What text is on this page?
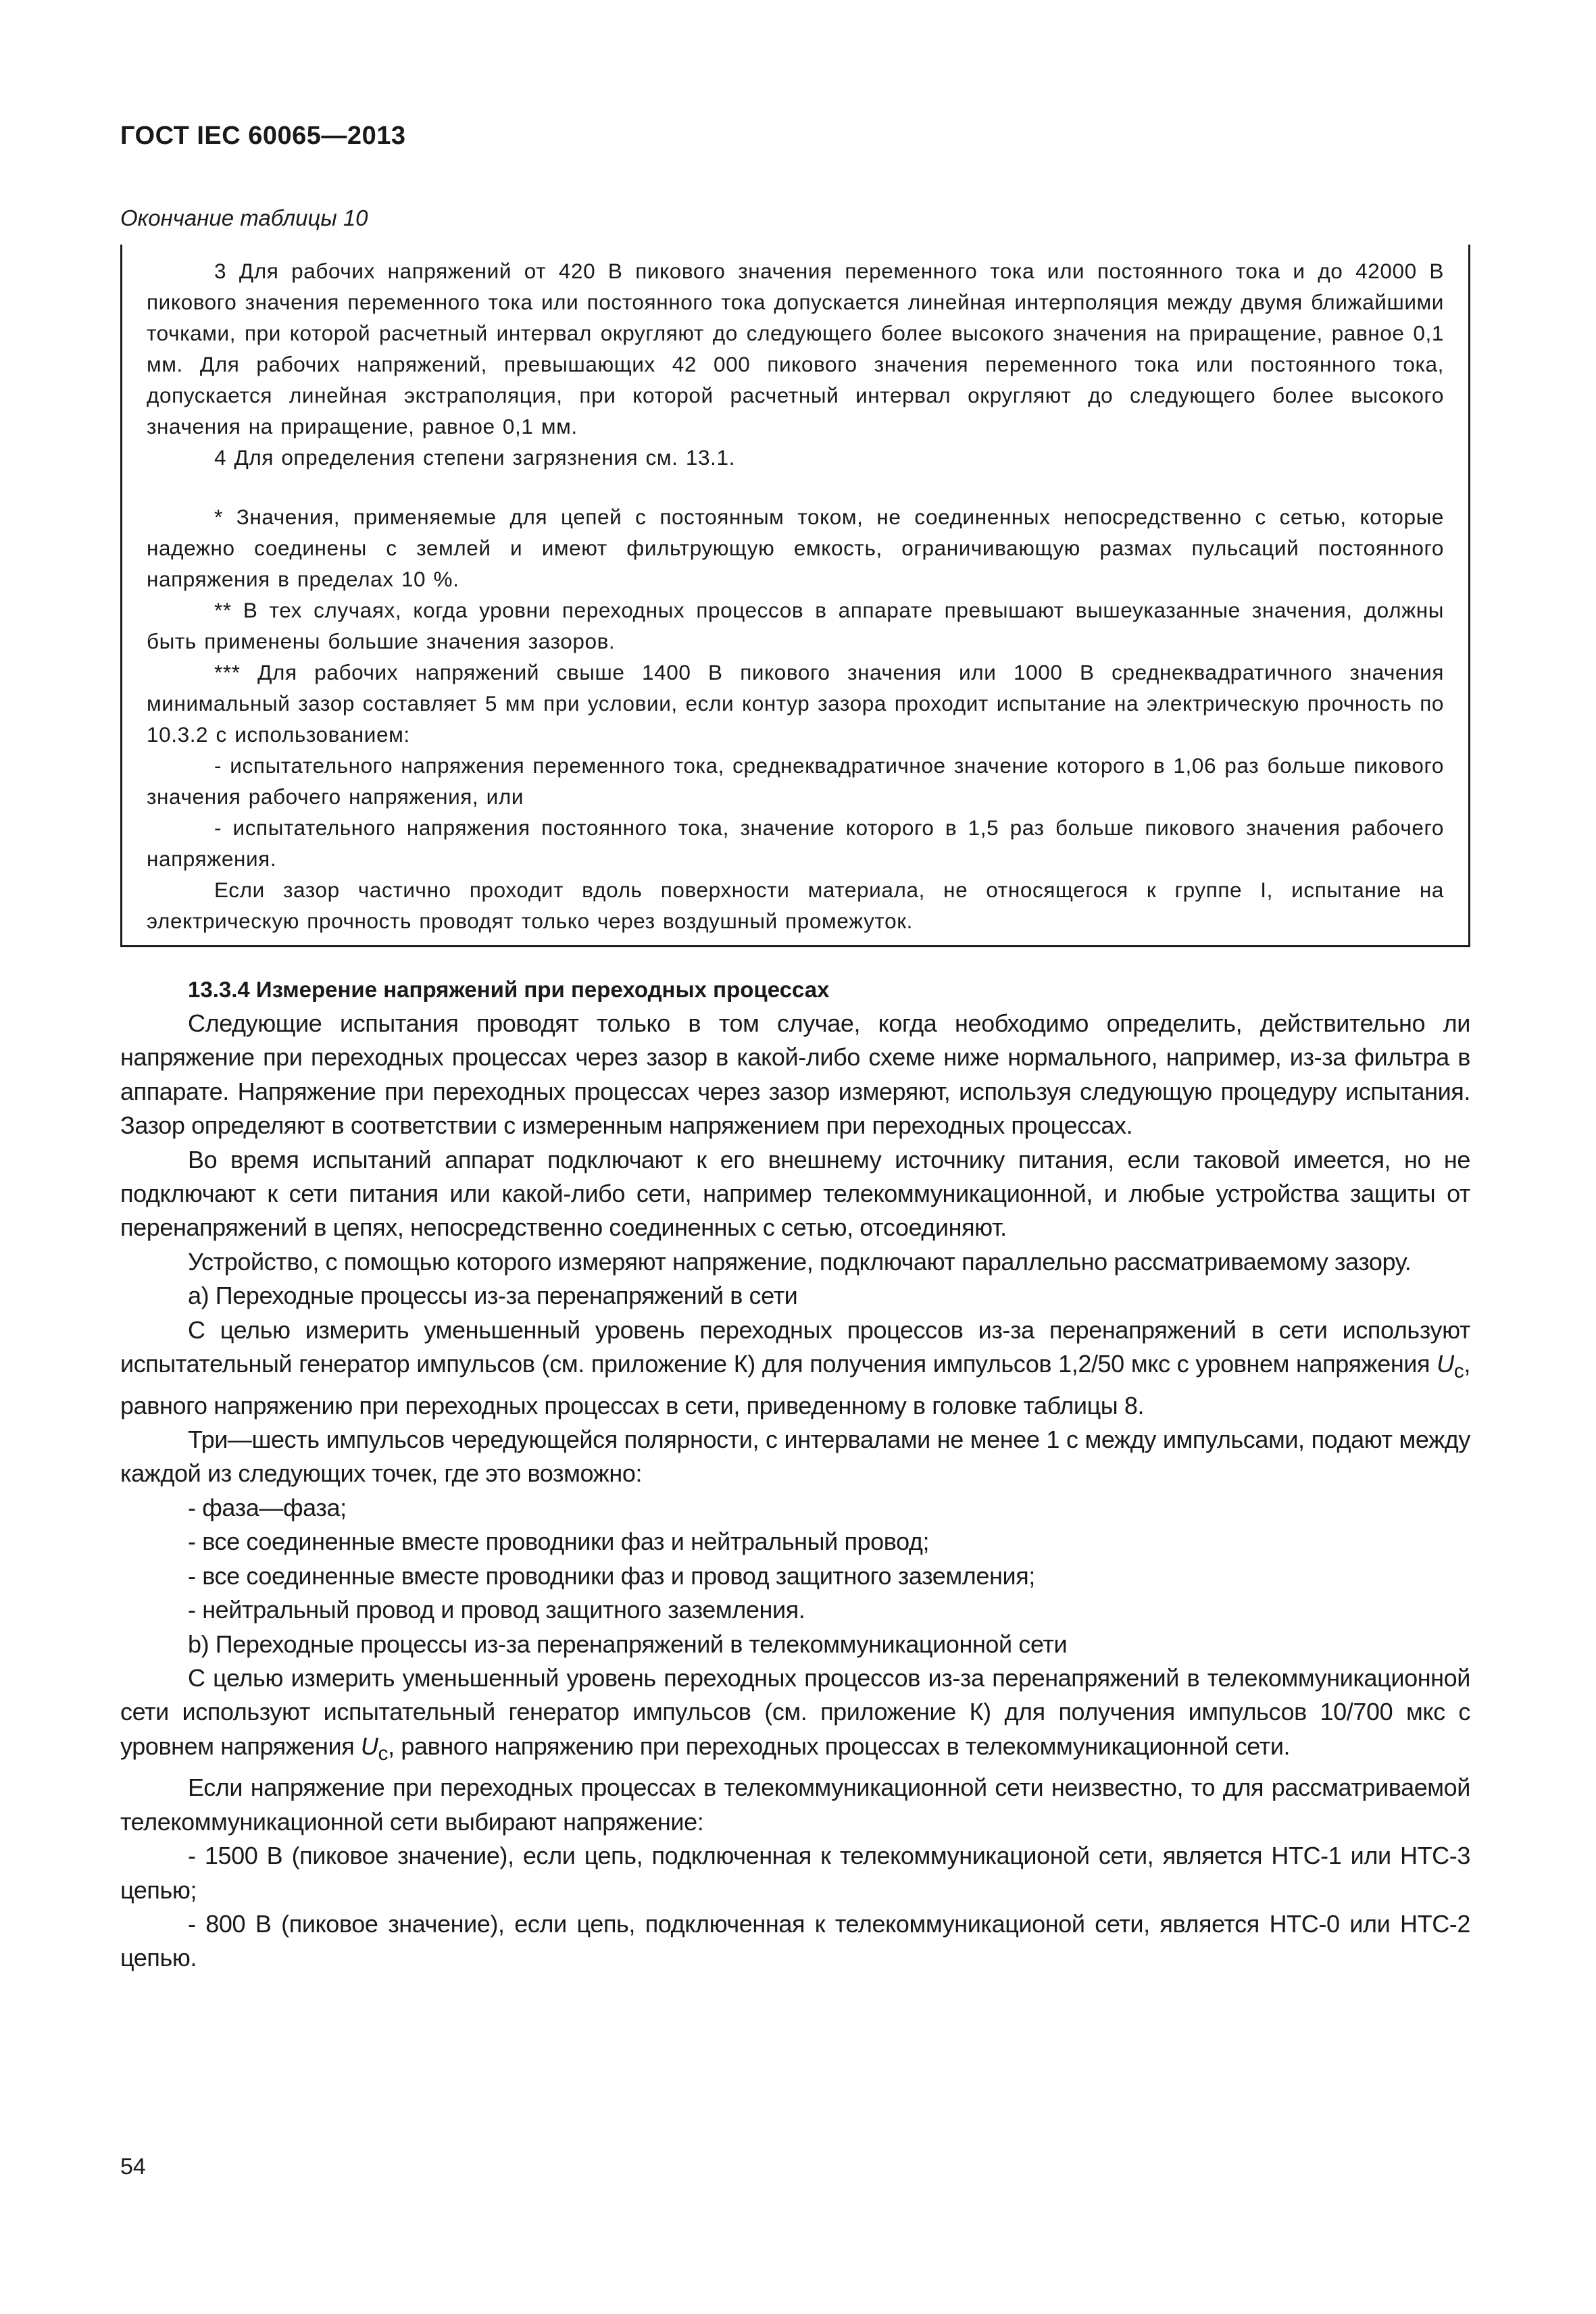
ГОСТ IEC 60065—2013
Окончание таблицы 10

3 Для рабочих напряжений от 420 В пикового значения переменного тока или постоянного тока и до 42000 В пикового значения переменного тока или постоянного тока допускается линейная интерполяция между двумя ближайшими точками, при которой расчетный интервал округляют до следующего более высокого значения на приращение, равное 0,1 мм. Для рабочих напряжений, превышающих 42 000 пикового значения переменного тока или постоянного тока, допускается линейная экстраполяция, при которой расчетный интервал округляют до следующего более высокого значения на приращение, равное 0,1 мм.

4 Для определения степени загрязнения см. 13.1.

* Значения, применяемые для цепей с постоянным током, не соединенных непосредственно с сетью, которые надежно соединены с землей и имеют фильтрующую емкость, ограничивающую размах пульсаций постоянного напряжения в пределах 10 %.

** В тех случаях, когда уровни переходных процессов в аппарате превышают вышеуказанные значения, должны быть применены большие значения зазоров.

*** Для рабочих напряжений свыше 1400 В пикового значения или 1000 В среднеквадратичного значения минимальный зазор составляет 5 мм при условии, если контур зазора проходит испытание на электрическую прочность по 10.3.2 с использованием:

- испытательного напряжения переменного тока, среднеквадратичное значение которого в 1,06 раз больше пикового значения рабочего напряжения, или

- испытательного напряжения постоянного тока, значение которого в 1,5 раз больше пикового значения рабочего напряжения.

Если зазор частично проходит вдоль поверхности материала, не относящегося к группе I, испытание на электрическую прочность проводят только через воздушный промежуток.

13.3.4 Измерение напряжений при переходных процессах

Следующие испытания проводят только в том случае, когда необходимо определить, действительно ли напряжение при переходных процессах через зазор в какой-либо схеме ниже нормального, например, из-за фильтра в аппарате. Напряжение при переходных процессах через зазор измеряют, используя следующую процедуру испытания. Зазор определяют в соответствии с измеренным напряжением при переходных процессах.

Во время испытаний аппарат подключают к его внешнему источнику питания, если таковой имеется, но не подключают к сети питания или какой-либо сети, например телекоммуникационной, и любые устройства защиты от перенапряжений в цепях, непосредственно соединенных с сетью, отсоединяют.

Устройство, с помощью которого измеряют напряжение, подключают параллельно рассматриваемому зазору.

а) Переходные процессы из-за перенапряжений в сети

С целью измерить уменьшенный уровень переходных процессов из-за перенапряжений в сети используют испытательный генератор импульсов (см. приложение К) для получения импульсов 1,2/50 мкс с уровнем напряжения $U_c$, равного напряжению при переходных процессах в сети, приведенному в головке таблицы 8.

Три—шесть импульсов чередующейся полярности, с интервалами не менее 1 с между импульсами, подают между каждой из следующих точек, где это возможно:

- фаза—фаза;

- все соединенные вместе проводники фаз и нейтральный провод;

- все соединенные вместе проводники фаз и провод защитного заземления;

- нейтральный провод и провод защитного заземления.

b) Переходные процессы из-за перенапряжений в телекоммуникационной сети

С целью измерить уменьшенный уровень переходных процессов из-за перенапряжений в телекоммуникационной сети используют испытательный генератор импульсов (см. приложение К) для получения импульсов 10/700 мкс с уровнем напряжения $U_c$, равного напряжению при переходных процессах в телекоммуникационной сети.

Если напряжение при переходных процессах в телекоммуникационной сети неизвестно, то для рассматриваемой телекоммуникационной сети выбирают напряжение:

- 1500 В (пиковое значение), если цепь, подключенная к телекоммуникационой сети, является НТС-1 или НТС-3 цепью;

- 800 В (пиковое значение), если цепь, подключенная к телекоммуникационой сети, является НТС-0 или НТС-2 цепью.

54
